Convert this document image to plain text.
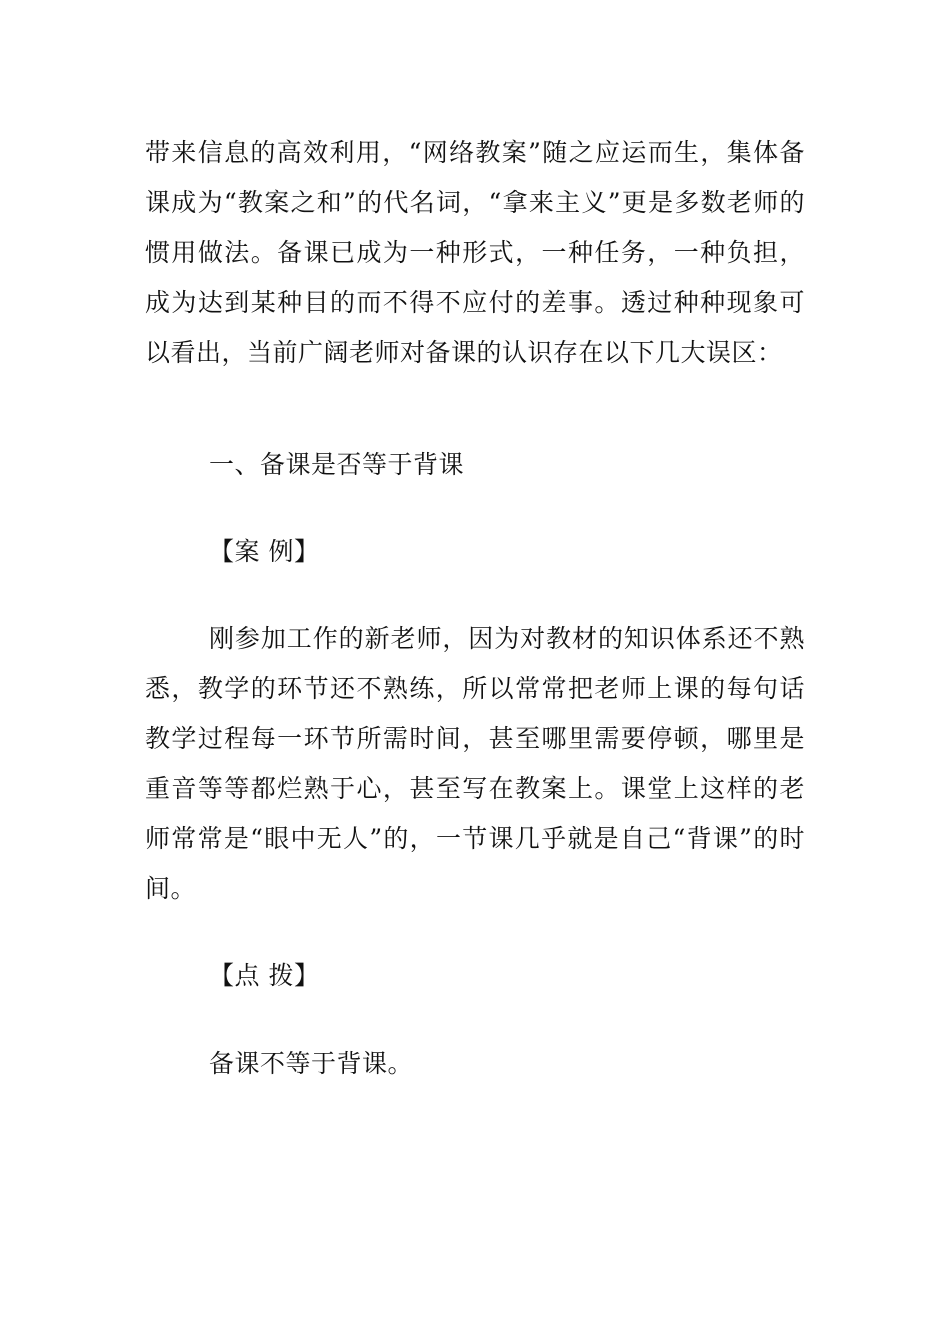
带来信息的高效利用，“网络教案”随之应运而生，集体备课成为“教案之和”的代名词，“拿来主义”更是多数老师的惯用做法。备课已成为一种形式，一种任务，一种负担，成为达到某种目的而不得不应付的差事。透过种种现象可以看出，当前广阔老师对备课的认识存在以下几大误区：

一、备课是否等于背课

【案 例】

刚参加工作的新老师，因为对教材的知识体系还不熟悉，教学的环节还不熟练，所以常常把老师上课的每句话教学过程每一环节所需时间，甚至哪里需要停顿，哪里是重音等等都烂熟于心，甚至写在教案上。课堂上这样的老师常常是“眼中无人”的，一节课几乎就是自己“背课”的时间。

【点 拨】

备课不等于背课。
